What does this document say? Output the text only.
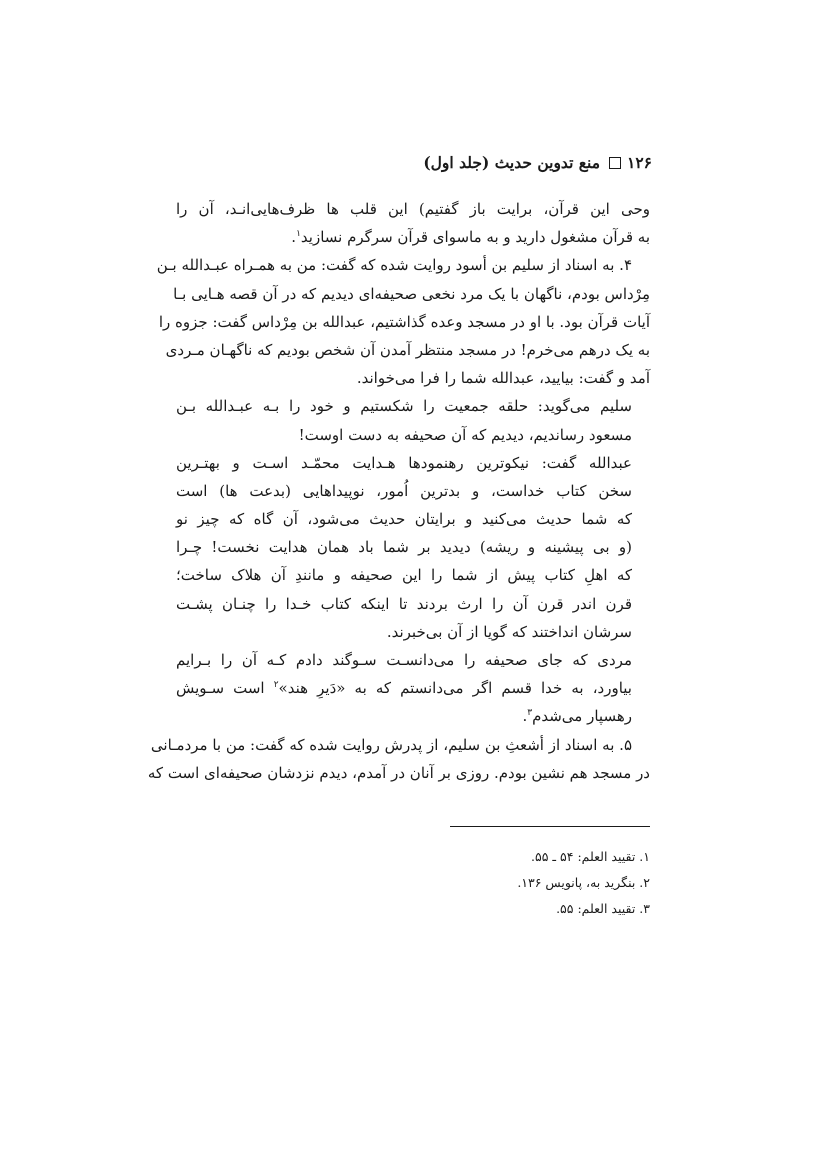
۱۲۶
منع تدوین حدیث (جلد اول)
وحی این قرآن، برایت باز گفتیم) این قلب ها ظرف‌هایی‌انـد، آن را
به قرآن مشغول دارید و به ماسوای قرآن سرگرم نسازید$^۱$.
۴. به اسناد از سلیم بن أسود روایت شده که گفت: من به همـراه عبـدالله بـن
مِرْداس بودم، ناگهان با یک مرد نخعی صحیفه‌ای دیدیم که در آن قصه هـایی بـا
آیات قرآن بود. با او در مسجد وعده گذاشتیم، عبدالله بن مِرْداس گفت: جزوه را
به یک درهم می‌خرم! در مسجد منتظر آمدن آن شخص بودیم که ناگهـان مـردی
آمد و گفت: بیایید، عبدالله شما را فرا می‌خواند.
سلیم می‌گوید: حلقه جمعیت را شکستیم و خود را بـه عبـدالله بـن
مسعود رساندیم، دیدیم که آن صحیفه به دست اوست!
عبدالله گفت: نیکوترین رهنمودها هـدایت محمّـد اسـت و بهتـرین
سخن کتاب خداست، و بدترین اُمور، نوپیداهایی (بدعت ها) است
که شما حدیث می‌کنید و برایتان حدیث می‌شود، آن گاه که چیز نو
(و بی پیشینه و ریشه) دیدید بر شما باد همان هدایت نخست! چـرا
که اهلِ کتاب پیش از شما را این صحیفه و مانندِ آن هلاک ساخت؛
قرن اندر قرن آن را ارث بردند تا اینکه کتاب خـدا را چنـان پشـت
سرشان انداختند که گویا از آن بی‌خبرند.
مردی که جای صحیفه را می‌دانسـت سـوگند دادم کـه آن را بـرایم
بیاورد، به خدا قسم اگر می‌دانستم که به «دَیرِ هند»$^۲$ است سـویش
رهسپار می‌شدم$^۳$.
۵. به اسناد از أشعثِ بن سلیم، از پدرش روایت شده که گفت: من با مردمـانی
در مسجد هم نشین بودم. روزی بر آنان در آمدم، دیدم نزدشان صحیفه‌ای است که
۱. تقیید العلم: ۵۴ ـ ۵۵.
۲. بنگرید به، پانویس ۱۳۶.
۳. تقیید العلم: ۵۵.
